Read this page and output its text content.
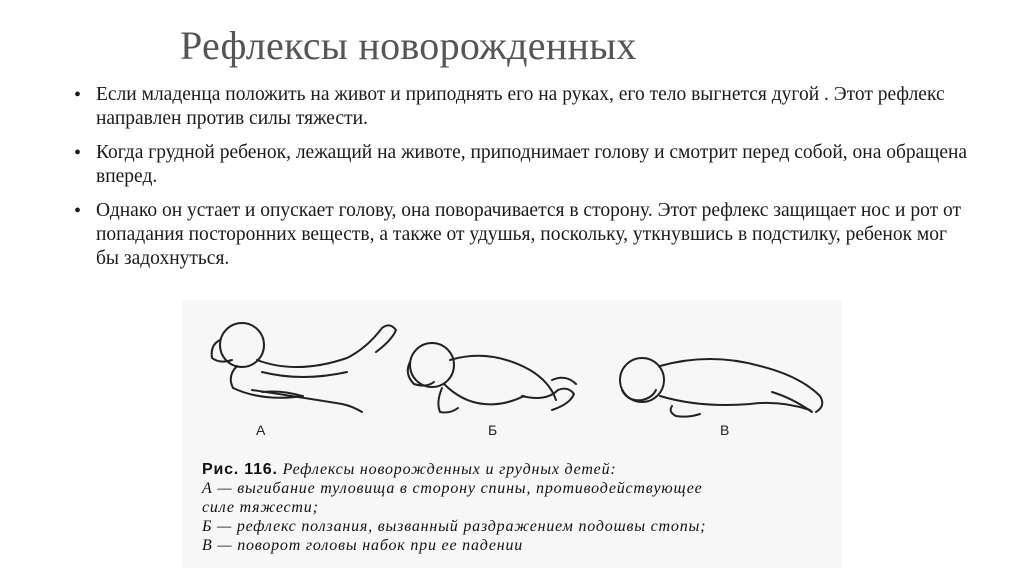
Рефлексы новорожденных
• Если младенца положить на живот и приподнять его на руках, его тело выгнется дугой . Этот рефлекс направлен против силы тяжести.
• Когда грудной ребенок, лежащий на животе, приподнимает голову и смотрит перед собой, она обращена вперед.
• Однако он устает и опускает голову, она поворачивается в сторону. Этот рефлекс защищает нос и рот от попадания посторонних веществ, а также от удушья, поскольку, уткнувшись в подстилку, ребенок мог бы задохнуться.
А	Б	В
Рис. 116. Рефлексы новорожденных и грудных детей:
А — выгибание туловища в сторону спины, противодействующее
силе тяжести;
Б — рефлекс ползания, вызванный раздражением подошвы стопы;
В — поворот головы набок при ее падении
